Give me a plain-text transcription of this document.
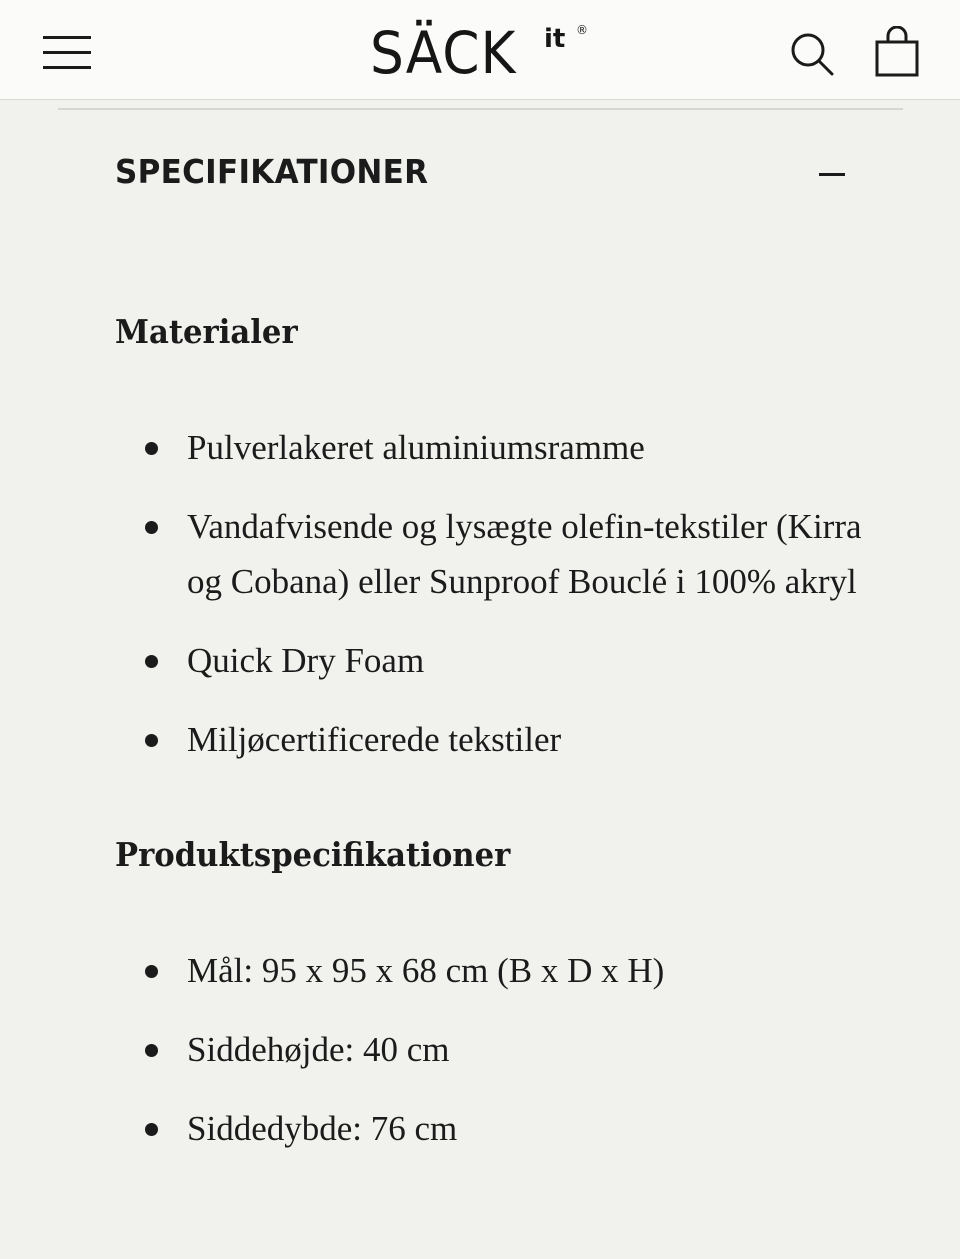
SÄCK it ®
SPECIFIKATIONER
Materialer
Pulverlakeret aluminiumsramme
Vandafvisende og lysægte olefin-tekstiler (Kirra og Cobana) eller Sunproof Bouclé i 100% akryl
Quick Dry Foam
Miljøcertificerede tekstiler
Produktspecifikationer
Mål: 95 x 95 x 68 cm (B x D x H)
Siddehøjde: 40 cm
Siddedybde: 76 cm
